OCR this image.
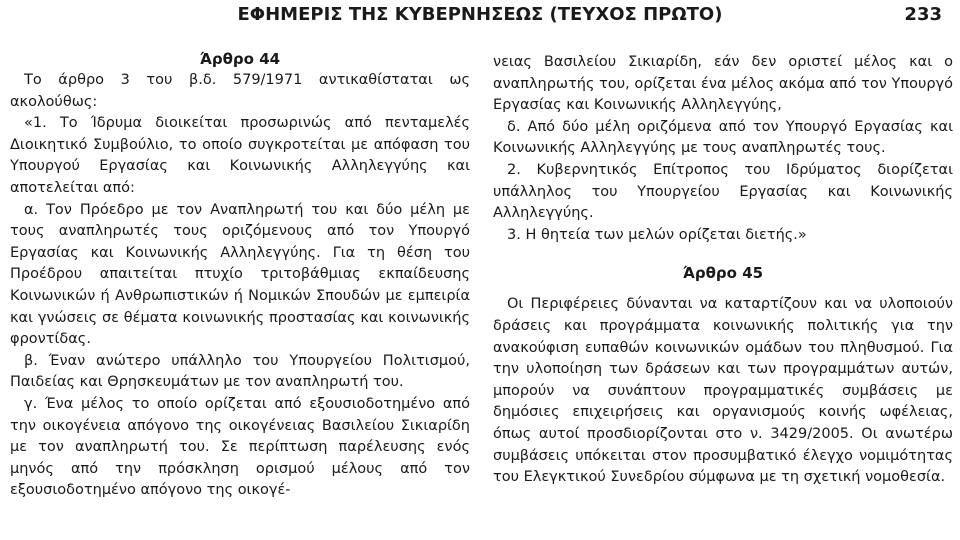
ΕΦΗΜΕΡΙΣ ΤΗΣ ΚΥΒΕΡΝΗΣΕΩΣ (ΤΕΥΧΟΣ ΠΡΩΤΟ)	233
Άρθρο 44

Το άρθρο 3 του β.δ. 579/1971 αντικαθίσταται ως ακολούθως:

«1. Το Ίδρυμα διοικείται προσωρινώς από πενταμελές Διοικητικό Συμβούλιο, το οποίο συγκροτείται με απόφαση του Υπουργού Εργασίας και Κοινωνικής Αλληλεγγύης και αποτελείται από:

α. Τον Πρόεδρο με τον Αναπληρωτή του και δύο μέλη με τους αναπληρωτές τους οριζόμενους από τον Υπουργό Εργασίας και Κοινωνικής Αλληλεγγύης. Για τη θέση του Προέδρου απαιτείται πτυχίο τριτοβάθμιας εκπαίδευσης Κοινωνικών ή Ανθρωπιστικών ή Νομικών Σπουδών με εμπειρία και γνώσεις σε θέματα κοινωνικής προστασίας και κοινωνικής φροντίδας.

β. Έναν ανώτερο υπάλληλο του Υπουργείου Πολιτισμού, Παιδείας και Θρησκευμάτων με τον αναπληρωτή του.

γ. Ένα μέλος το οποίο ορίζεται από εξουσιοδοτημένο από την οικογένεια απόγονο της οικογένειας Βασιλείου Σικιαρίδη με τον αναπληρωτή του. Σε περίπτωση παρέλευσης ενός μηνός από την πρόσκληση ορισμού μέλους από τον εξουσιοδοτημένο απόγονο της οικογέ-

νειας Βασιλείου Σικιαρίδη, εάν δεν οριστεί μέλος και ο αναπληρωτής του, ορίζεται ένα μέλος ακόμα από τον Υπουργό Εργασίας και Κοινωνικής Αλληλεγγύης,

δ. Από δύο μέλη οριζόμενα από τον Υπουργό Εργασίας και Κοινωνικής Αλληλεγγύης με τους αναπληρωτές τους.

2. Κυβερνητικός Επίτροπος του Ιδρύματος διορίζεται υπάλληλος του Υπουργείου Εργασίας και Κοινωνικής Αλληλεγγύης.

3. Η θητεία των μελών ορίζεται διετής.»

Άρθρο 45

Οι Περιφέρειες δύνανται να καταρτίζουν και να υλοποιούν δράσεις και προγράμματα κοινωνικής πολιτικής για την ανακούφιση ευπαθών κοινωνικών ομάδων του πληθυσμού. Για την υλοποίηση των δράσεων και των προγραμμάτων αυτών, μπορούν να συνάπτουν προγραμματικές συμβάσεις με δημόσιες επιχειρήσεις και οργανισμούς κοινής ωφέλειας, όπως αυτοί προσδιορίζονται στο ν. 3429/2005. Οι ανωτέρω συμβάσεις υπόκειται στον προσυμβατικό έλεγχο νομιμότητας του Ελεγκτικού Συνεδρίου σύμφωνα με τη σχετική νομοθεσία.
